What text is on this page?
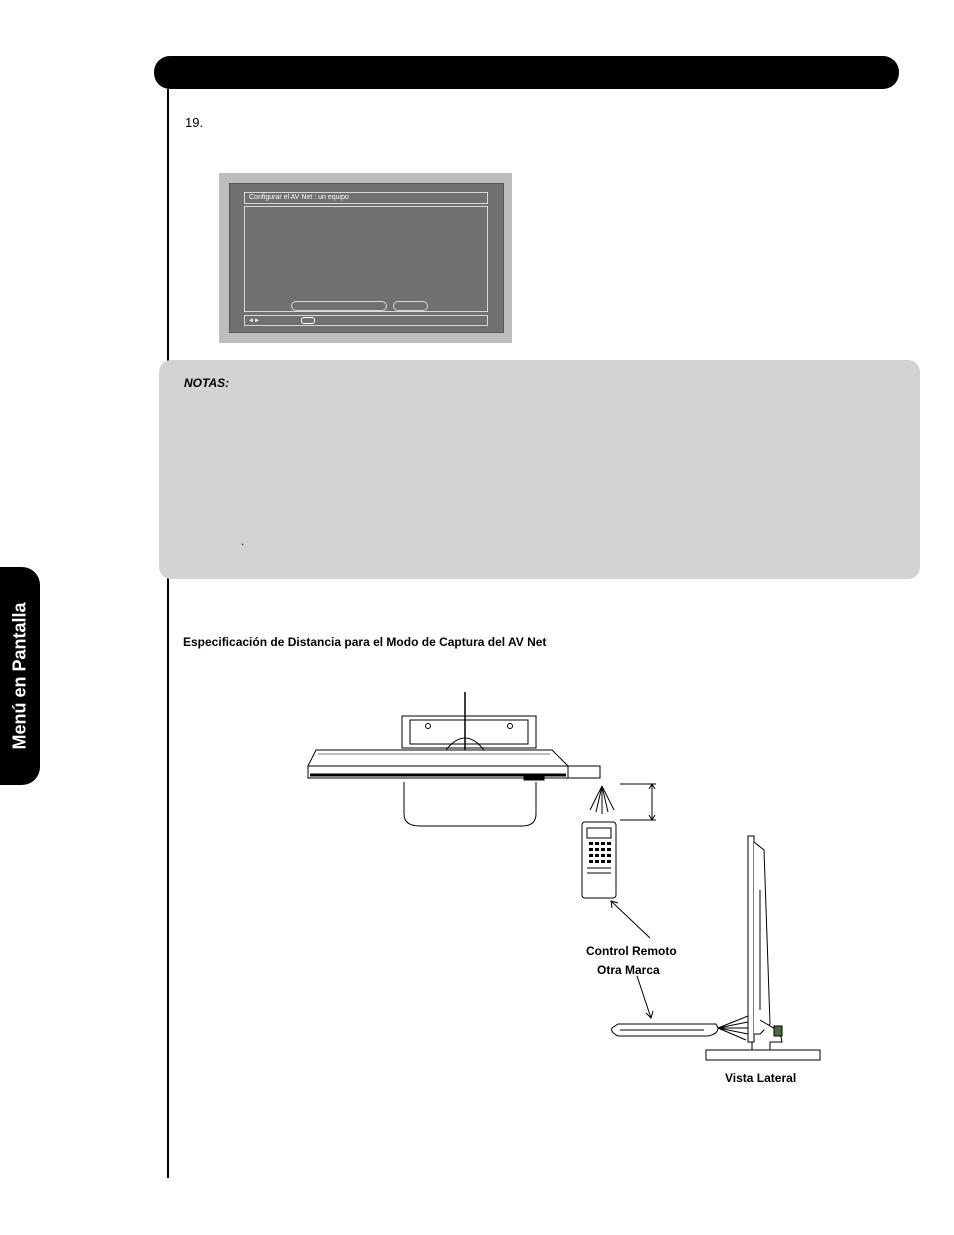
Menú en Pantalla
19.
Configurar el AV Net : un equipo
◄►
NOTAS:
.
Especificación de Distancia para el Modo de Captura del AV Net
Control Remoto
Otra Marca
Vista Lateral
